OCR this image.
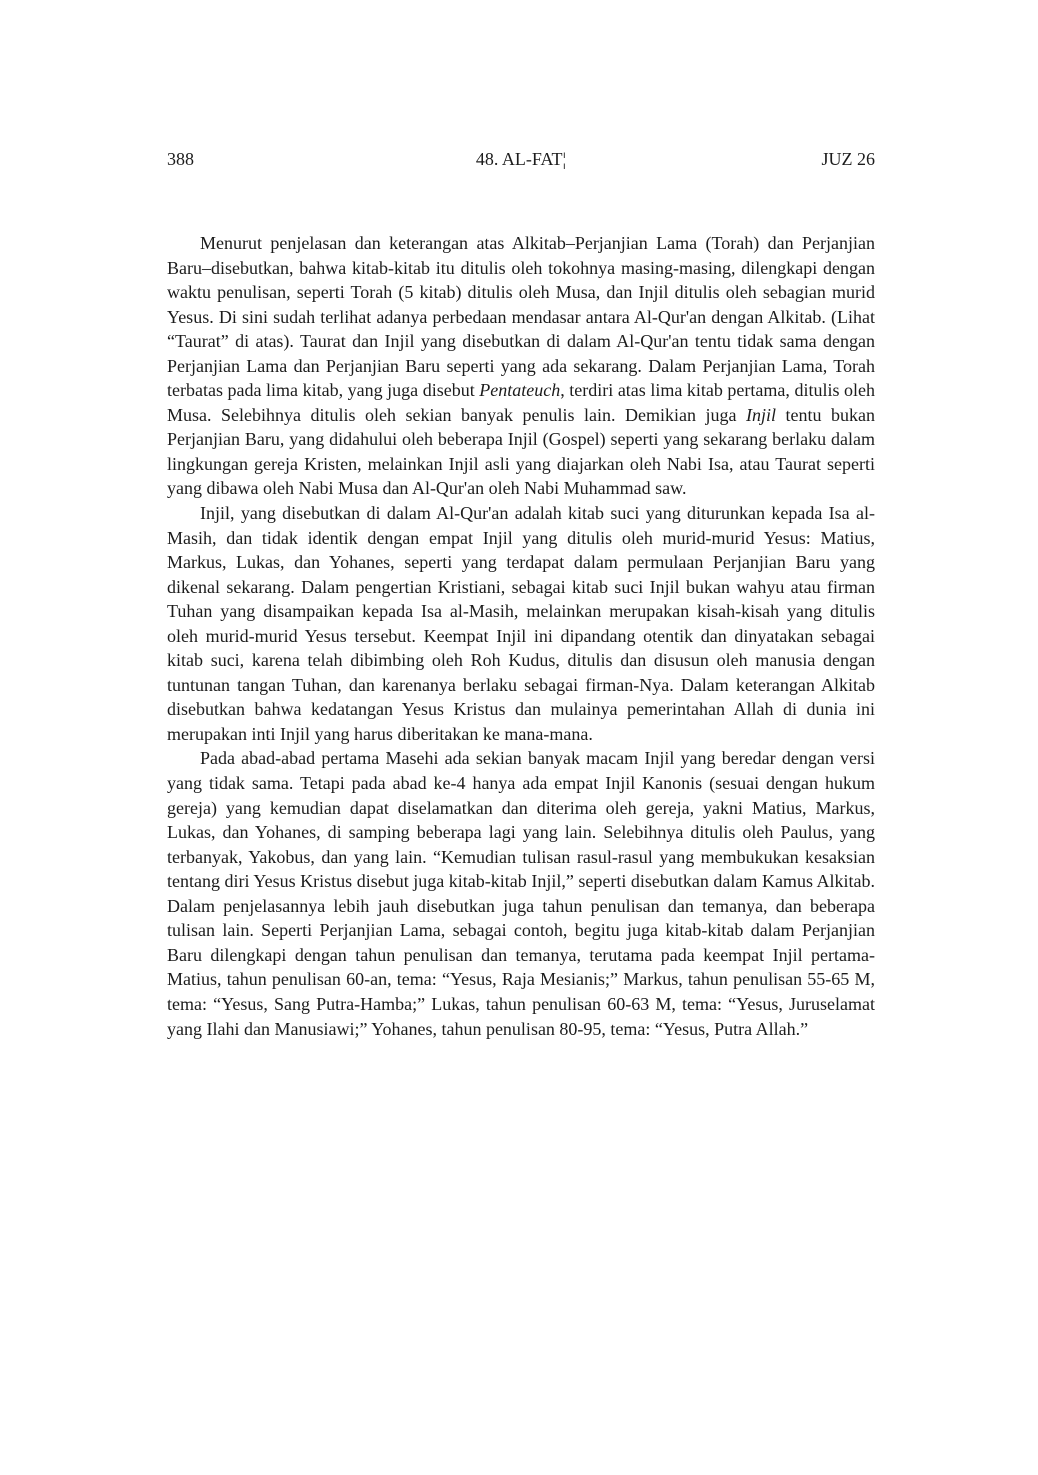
388	48. AL-FAT¦	JUZ 26

Menurut penjelasan dan keterangan atas Alkitab–Perjanjian Lama (Torah) dan Perjanjian Baru–disebutkan, bahwa kitab-kitab itu ditulis oleh tokohnya masing-masing, dilengkapi dengan waktu penulisan, seperti Torah (5 kitab) ditulis oleh Musa, dan Injil ditulis oleh sebagian murid Yesus. Di sini sudah terlihat adanya perbedaan mendasar antara Al-Qur'an dengan Alkitab. (Lihat “Taurat” di atas). Taurat dan Injil yang disebutkan di dalam Al-Qur'an tentu tidak sama dengan Perjanjian Lama dan Perjanjian Baru seperti yang ada sekarang. Dalam Perjanjian Lama, Torah terbatas pada lima kitab, yang juga disebut Pentateuch, terdiri atas lima kitab pertama, ditulis oleh Musa. Selebihnya ditulis oleh sekian banyak penulis lain. Demikian juga Injil tentu bukan Perjanjian Baru, yang didahului oleh beberapa Injil (Gospel) seperti yang sekarang berlaku dalam lingkungan gereja Kristen, melainkan Injil asli yang diajarkan oleh Nabi Isa, atau Taurat seperti yang dibawa oleh Nabi Musa dan Al-Qur'an oleh Nabi Muhammad saw.

Injil, yang disebutkan di dalam Al-Qur'an adalah kitab suci yang diturunkan kepada Isa al-Masih, dan tidak identik dengan empat Injil yang ditulis oleh murid-murid Yesus: Matius, Markus, Lukas, dan Yohanes, seperti yang terdapat dalam permulaan Perjanjian Baru yang dikenal sekarang. Dalam pengertian Kristiani, sebagai kitab suci Injil bukan wahyu atau firman Tuhan yang disampaikan kepada Isa al-Masih, melainkan merupakan kisah-kisah yang ditulis oleh murid-murid Yesus tersebut. Keempat Injil ini dipandang otentik dan dinyatakan sebagai kitab suci, karena telah dibimbing oleh Roh Kudus, ditulis dan disusun oleh manusia dengan tuntunan tangan Tuhan, dan karenanya berlaku sebagai firman-Nya. Dalam keterangan Alkitab disebutkan bahwa kedatangan Yesus Kristus dan mulainya pemerintahan Allah di dunia ini merupakan inti Injil yang harus diberitakan ke mana-mana.

Pada abad-abad pertama Masehi ada sekian banyak macam Injil yang beredar dengan versi yang tidak sama. Tetapi pada abad ke-4 hanya ada empat Injil Kanonis (sesuai dengan hukum gereja) yang kemudian dapat diselamatkan dan diterima oleh gereja, yakni Matius, Markus, Lukas, dan Yohanes, di samping beberapa lagi yang lain. Selebihnya ditulis oleh Paulus, yang terbanyak, Yakobus, dan yang lain. “Kemudian tulisan rasul-rasul yang membukukan kesaksian tentang diri Yesus Kristus disebut juga kitab-kitab Injil,” seperti disebutkan dalam Kamus Alkitab. Dalam penjelasannya lebih jauh disebutkan juga tahun penulisan dan temanya, dan beberapa tulisan lain. Seperti Perjanjian Lama, sebagai contoh, begitu juga kitab-kitab dalam Perjanjian Baru dilengkapi dengan tahun penulisan dan temanya, terutama pada keempat Injil pertama-Matius, tahun penulisan 60-an, tema: “Yesus, Raja Mesianis;” Markus, tahun penulisan 55-65 M, tema: “Yesus, Sang Putra-Hamba;” Lukas, tahun penulisan 60-63 M, tema: “Yesus, Juruselamat yang Ilahi dan Manusiawi;” Yohanes, tahun penulisan 80-95, tema: “Yesus, Putra Allah.”
